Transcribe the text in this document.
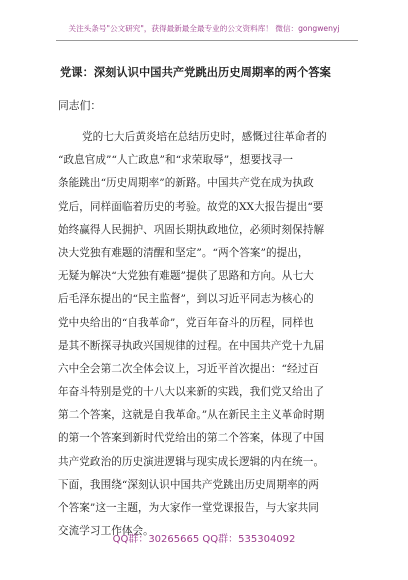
关注头条号"公文研究"，获得最新最全最专业的公文资料库！ 微信：gongwenyj
党课：深刻认识中国共产党跳出历史周期率的两个答案
同志们：
党的七大后黄炎培在总结历史时，感慨过往革命者的
“政息官成”“人亡政息”和“求荣取辱”，想要找寻一
条能跳出“历史周期率”的新路。中国共产党在成为执政
党后，同样面临着历史的考验。故党的XX大报告提出“要
始终赢得人民拥护、巩固长期执政地位，必须时刻保持解
决大党独有难题的清醒和坚定”。“两个答案”的提出，
无疑为解决“大党独有难题”提供了思路和方向。从七大
后毛泽东提出的“民主监督”，到以习近平同志为核心的
党中央给出的“自我革命”，党百年奋斗的历程，同样也
是其不断探寻执政兴国规律的过程。在中国共产党十九届
六中全会第二次全体会议上，习近平首次提出：“经过百
年奋斗特别是党的十八大以来新的实践，我们党又给出了
第二个答案，这就是自我革命。”从在新民主主义革命时期
的第一个答案到新时代党给出的第二个答案，体现了中国
共产党政治的历史演进逻辑与现实成长逻辑的内在统一。
下面，我围绕“深刻认识中国共产党跳出历史周期率的两
个答案”这一主题，为大家作一堂党课报告，与大家共同
交流学习工作体会。
QQ群：30265665 QQ群：535304092
